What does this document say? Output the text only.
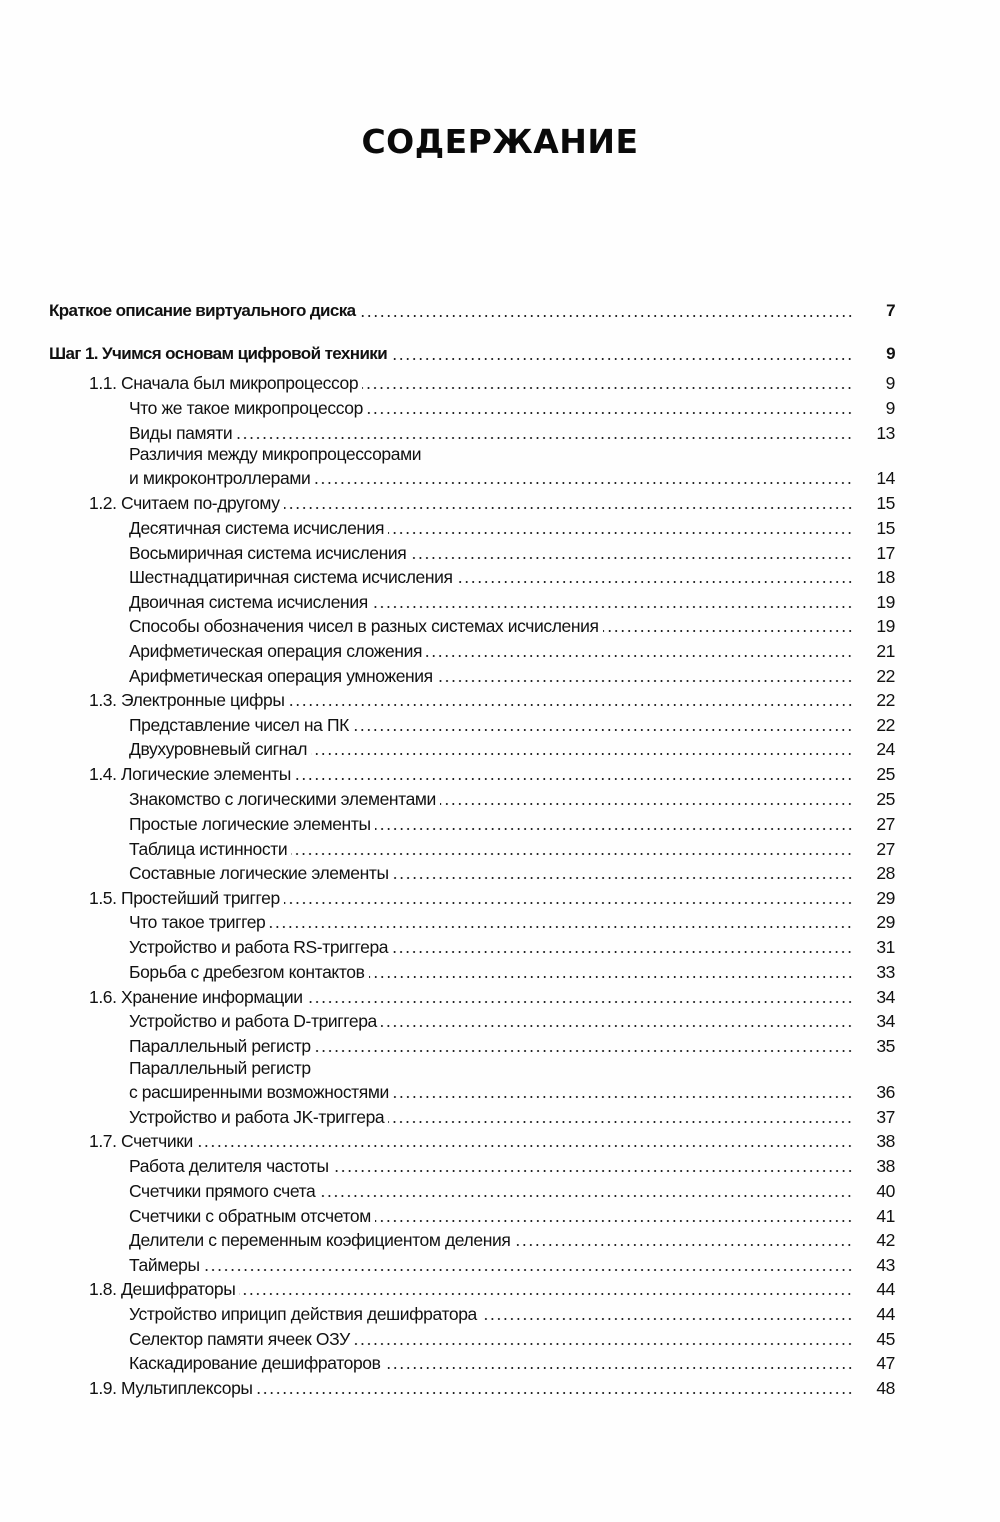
СОДЕРЖАНИЕ
Краткое описание виртуального диска	7
Шаг 1. Учимся основам цифровой техники	9
1.1. Сначала был микропроцессор	9
Что же такое микропроцессор	9
Виды памяти	13
Различия между микропроцессорами
и микроконтроллерами	14
1.2. Считаем по-другому	15
Десятичная система исчисления	15
Восьмиричная система исчисления	17
Шестнадцатиричная система исчисления	18
Двоичная система исчисления	19
Способы обозначения чисел в разных системах исчисления	19
Арифметическая операция сложения	21
Арифметическая операция умножения	22
1.3. Электронные цифры	22
Представление чисел на ПК	22
Двухуровневый сигнал	24
1.4. Логические элементы	25
Знакомство с логическими элементами	25
Простые логические элементы	27
Таблица истинности	27
Составные логические элементы	28
1.5. Простейший триггер	29
Что такое триггер	29
Устройство и работа RS-триггера	31
Борьба с дребезгом контактов	33
1.6. Хранение информации	34
Устройство и работа D-триггера	34
Параллельный регистр	35
Параллельный регистр
с расширенными возможностями	36
Устройство и работа JK-триггера	37
1.7. Счетчики	38
Работа делителя частоты	38
Счетчики прямого счета	40
Счетчики с обратным отсчетом	41
Делители с переменным коэфициентом деления	42
Таймеры	43
1.8. Дешифраторы	44
Устройство иприцип действия дешифратора	44
Селектор памяти ячеек ОЗУ	45
Каскадирование дешифраторов	47
1.9. Мультиплексоры	48
